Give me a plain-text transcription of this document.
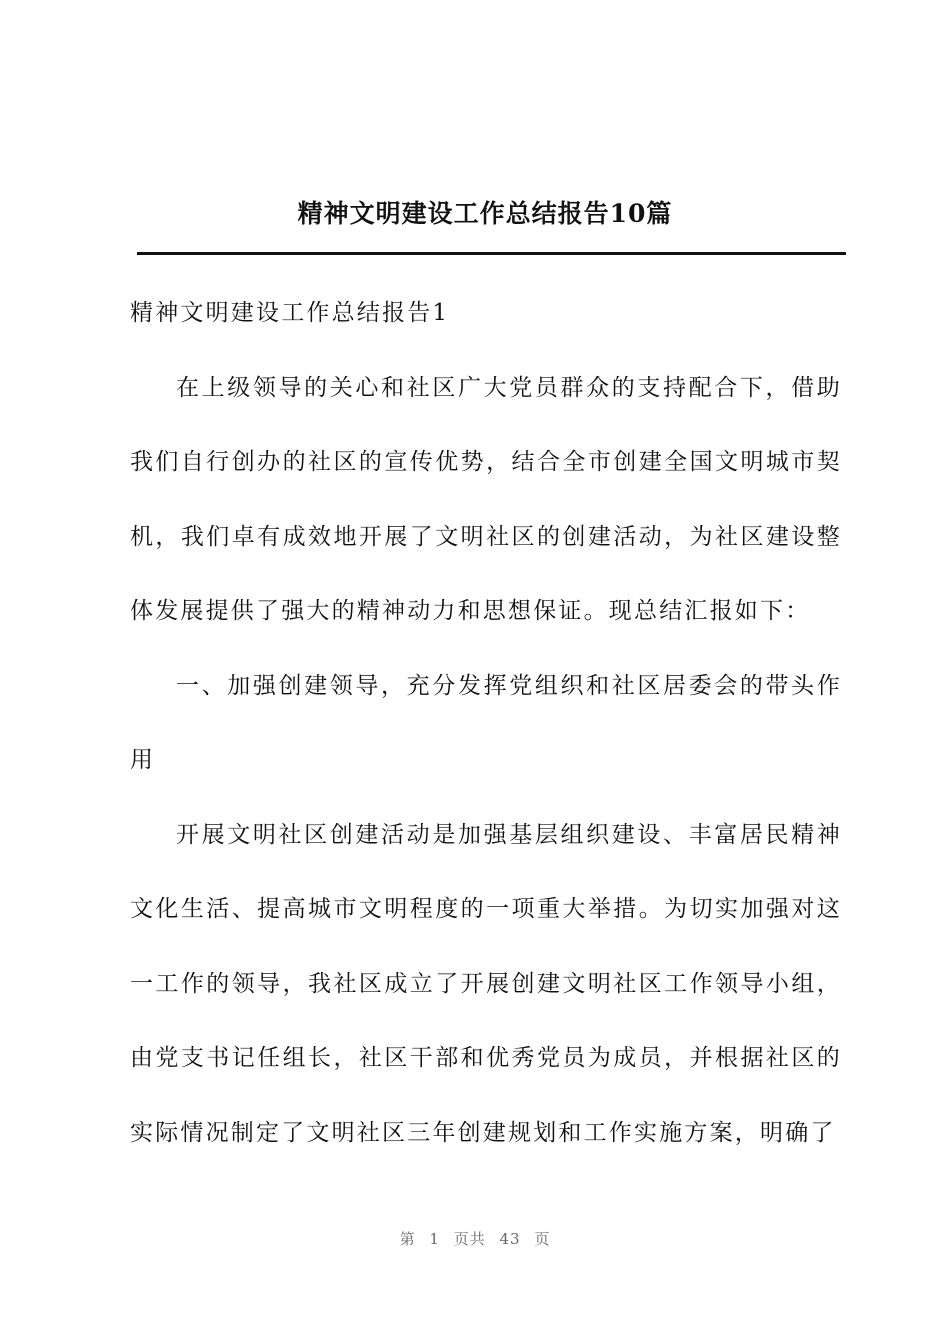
精神文明建设工作总结报告10篇

精神文明建设工作总结报告1

在上级领导的关心和社区广大党员群众的支持配合下，借助我们自行创办的社区的宣传优势，结合全市创建全国文明城市契机，我们卓有成效地开展了文明社区的创建活动，为社区建设整体发展提供了强大的精神动力和思想保证。现总结汇报如下：

一、加强创建领导，充分发挥党组织和社区居委会的带头作用

开展文明社区创建活动是加强基层组织建设、丰富居民精神文化生活、提高城市文明程度的一项重大举措。为切实加强对这一工作的领导，我社区成立了开展创建文明社区工作领导小组，由党支书记任组长，社区干部和优秀党员为成员，并根据社区的实际情况制定了文明社区三年创建规划和工作实施方案，明确了

第 1 页共 43 页
